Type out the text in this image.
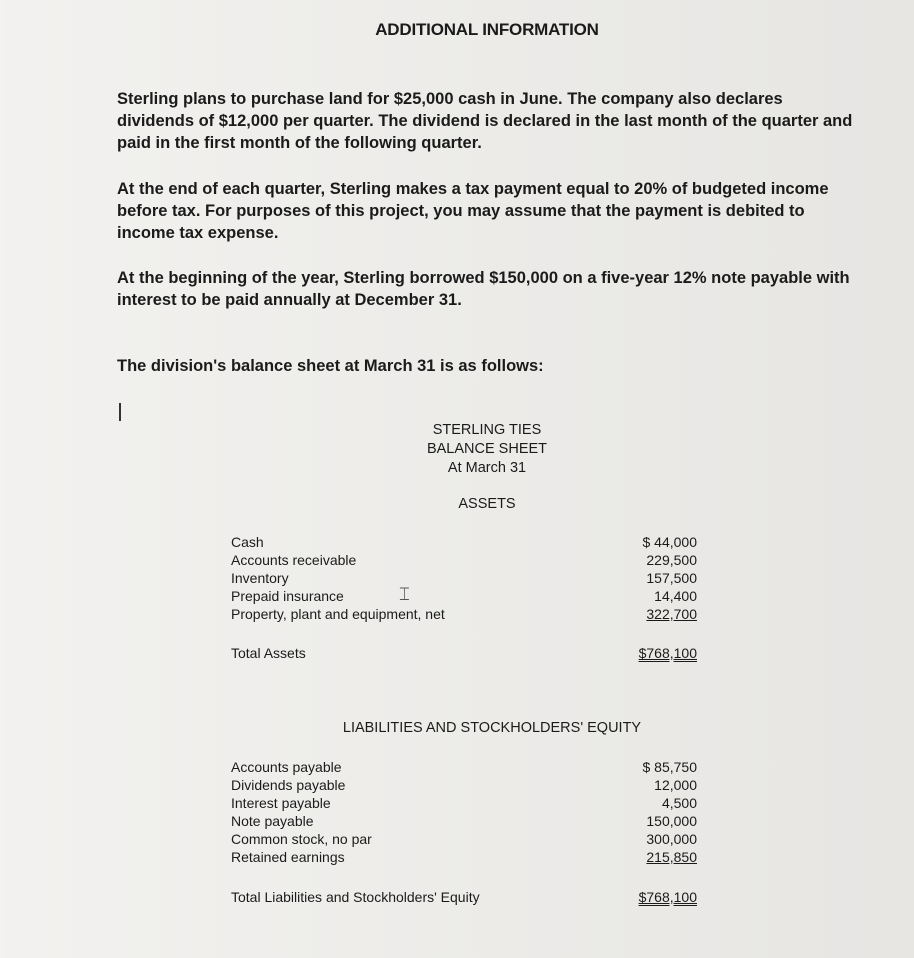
ADDITIONAL INFORMATION
Sterling plans to purchase land for $25,000 cash in June. The company also declares dividends of $12,000 per quarter. The dividend is declared in the last month of the quarter and paid in the first month of the following quarter.
At the end of each quarter, Sterling makes a tax payment equal to 20% of budgeted income before tax. For purposes of this project, you may assume that the payment is debited to income tax expense.
At the beginning of the year, Sterling borrowed $150,000 on a five-year 12% note payable with interest to be paid annually at December 31.
The division's balance sheet at March 31 is as follows:
STERLING TIES
BALANCE SHEET
At March 31
ASSETS
Cash	$ 44,000
Accounts receivable	229,500
Inventory	157,500
Prepaid insurance	14,400
Property, plant and equipment, net	322,700
⌶
Total Assets	$768,100
LIABILITIES AND STOCKHOLDERS' EQUITY
Accounts payable	$ 85,750
Dividends payable	12,000
Interest payable	4,500
Note payable	150,000
Common stock, no par	300,000
Retained earnings	215,850
Total Liabilities and Stockholders' Equity	$768,100
